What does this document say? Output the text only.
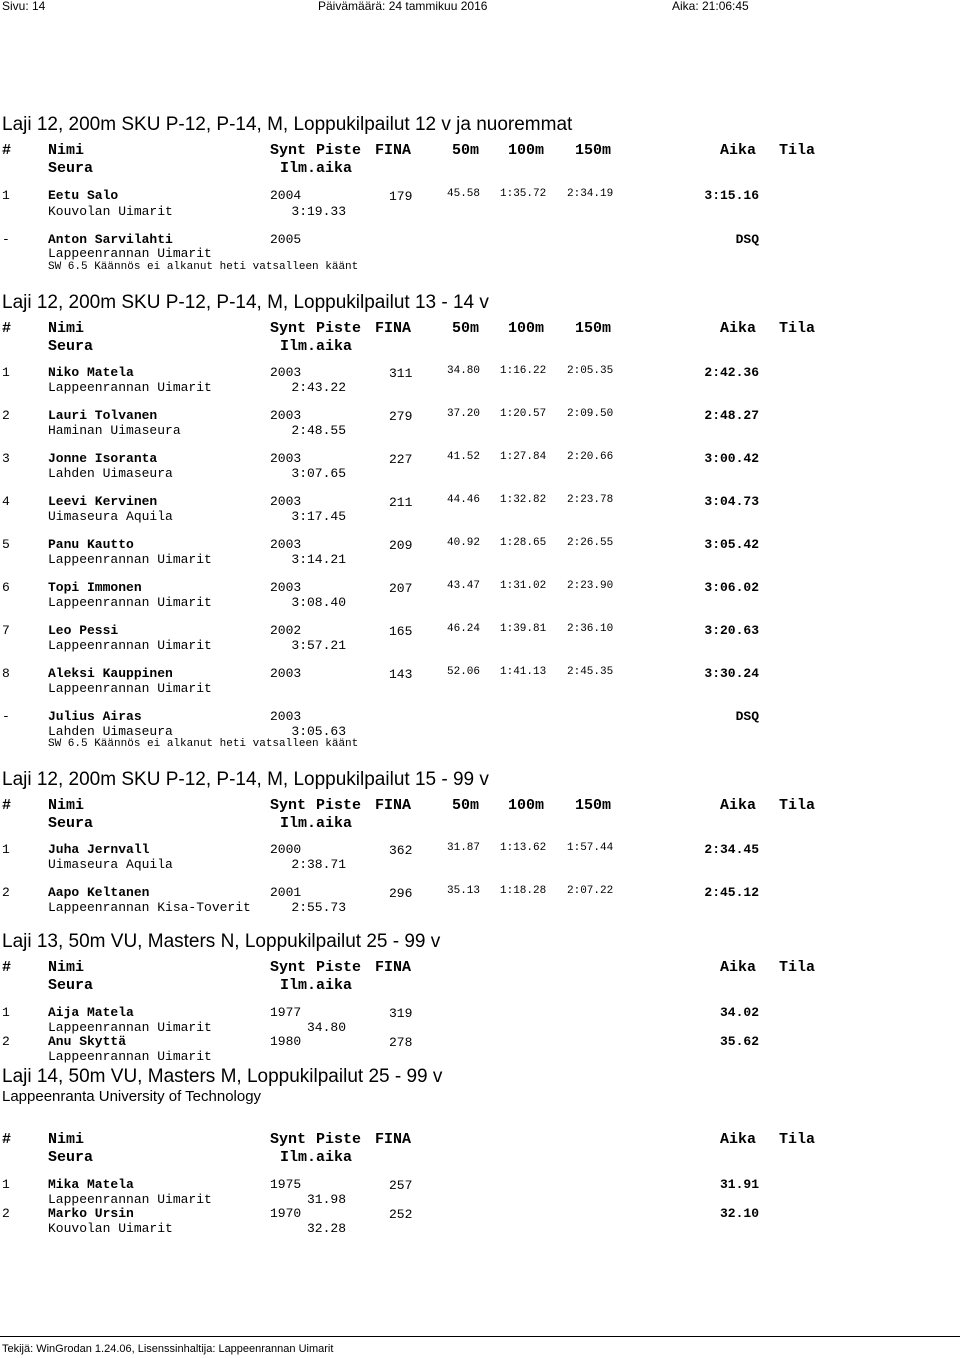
Sivu: 14	Päivämäärä: 24 tammikuu 2016	Aika: 21:06:45
Laji 12, 200m SKU P-12, P-14, M, Loppukilpailut 12 v ja nuoremmat
# Nimi	Synt Piste FINA	50m 100m 150m	Aika Tila
Seura	Ilm.aika
1	Eetu Salo	2004	179	45.58 1:35.72 2:34.19	3:15.16
Kouvolan Uimarit	3:19.33
-	Anton Sarvilahti	2005	DSQ
Lappeenrannan Uimarit
SW 6.5 Käännös ei alkanut heti vatsalleen käänt
Laji 12, 200m SKU P-12, P-14, M, Loppukilpailut 13 - 14 v
# Nimi	Synt Piste FINA	50m 100m 150m	Aika Tila
Seura	Ilm.aika
1	Niko Matela	2003	311	34.80 1:16.22 2:05.35	2:42.36
Lappeenrannan Uimarit	2:43.22
2	Lauri Tolvanen	2003	279	37.20 1:20.57 2:09.50	2:48.27
Haminan Uimaseura	2:48.55
3	Jonne Isoranta	2003	227	41.52 1:27.84 2:20.66	3:00.42
Lahden Uimaseura	3:07.65
4	Leevi Kervinen	2003	211	44.46 1:32.82 2:23.78	3:04.73
Uimaseura Aquila	3:17.45
5	Panu Kautto	2003	209	40.92 1:28.65 2:26.55	3:05.42
Lappeenrannan Uimarit	3:14.21
6	Topi Immonen	2003	207	43.47 1:31.02 2:23.90	3:06.02
Lappeenrannan Uimarit	3:08.40
7	Leo Pessi	2002	165	46.24 1:39.81 2:36.10	3:20.63
Lappeenrannan Uimarit	3:57.21
8	Aleksi Kauppinen	2003	143	52.06 1:41.13 2:45.35	3:30.24
Lappeenrannan Uimarit
-	Julius Airas	2003	DSQ
Lahden Uimaseura	3:05.63
SW 6.5 Käännös ei alkanut heti vatsalleen käänt
Laji 12, 200m SKU P-12, P-14, M, Loppukilpailut 15 - 99 v
# Nimi	Synt Piste FINA	50m 100m 150m	Aika Tila
Seura	Ilm.aika
1	Juha Jernvall	2000	362	31.87 1:13.62 1:57.44	2:34.45
Uimaseura Aquila	2:38.71
2	Aapo Keltanen	2001	296	35.13 1:18.28 2:07.22	2:45.12
Lappeenrannan Kisa-Toverit	2:55.73
Laji 13, 50m VU, Masters N, Loppukilpailut 25 - 99 v
# Nimi	Synt Piste FINA	Aika Tila
Seura	Ilm.aika
1	Aija Matela	1977	319	34.02
Lappeenrannan Uimarit	34.80
2	Anu Skyttä	1980	278	35.62
Lappeenrannan Uimarit
Laji 14, 50m VU, Masters M, Loppukilpailut 25 - 99 v
Lappeenranta University of Technology
# Nimi	Synt Piste FINA	Aika Tila
Seura	Ilm.aika
1	Mika Matela	1975	257	31.91
Lappeenrannan Uimarit	31.98
2	Marko Ursin	1970	252	32.10
Kouvolan Uimarit	32.28
Tekijä: WinGrodan 1.24.06, Lisenssinhaltija: Lappeenrannan Uimarit
